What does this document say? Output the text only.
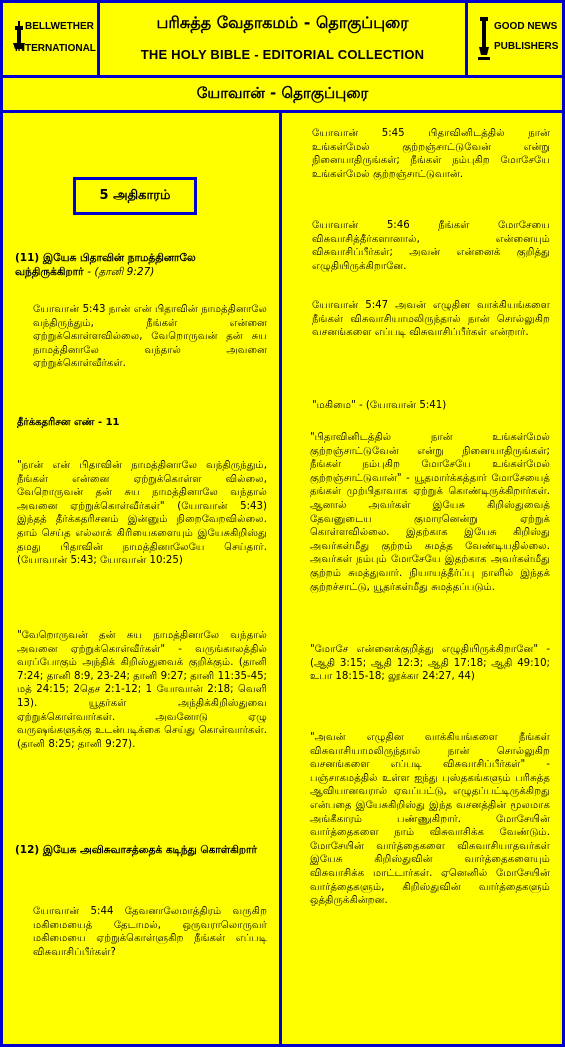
BELLWETHER
INTERNATIONAL
பரிசுத்த வேதாகமம் - தொகுப்புரை
THE HOLY BIBLE - EDITORIAL COLLECTION
GOOD NEWS
PUBLISHERS
யோவான் - தொகுப்புரை
5 அதிகாரம்
(11) இயேசு பிதாவின் நாமத்தினாலே வந்திருக்கிறார் - (தானி 9:27)
யோவான் 5:43 நான் என் பிதாவின் நாமத்தினாலே வந்திருந்தும், நீங்கள் என்னை ஏற்றுக்கொள்ளவில்லை, வேறொருவன் தன் சுய நாமத்தினாலே வந்தால் அவனை ஏற்றுக்கொள்வீர்கள்.
தீர்க்கதரிசன எண் - 11
"நான் என் பிதாவின் நாமத்தினாலே வந்திருந்தும், நீங்கள் என்னை ஏற்றுக்கொள்ள வில்லை, வேறொருவன் தன் சுய நாமத்தினாலே வந்தால் அவனை ஏற்றுக்கொள்வீர்கள்" (யோவான் 5:43) இந்தத் தீர்க்கதரிசனம் இன்னும் நிறைவேறவில்லை. தாம் செய்த எல்லாக் கிரியைகளையும் இயேசுகிறிஸ்து தமது பிதாவின் நாமத்தினாலேயே செய்தார். (யோவான் 5:43; யோவான் 10:25)
"வேறொருவன் தன் சுய நாமத்தினாலே வந்தால் அவனை ஏற்றுக்கொள்வீர்கள்" - வருங்காலத்தில் வரப்போகும் அந்திக் கிறிஸ்துவைக் குறிக்கும். (தானி 7:24; தானி 8:9, 23-24; தானி 9:27; தானி 11:35-45; மத் 24:15; 2தெச 2:1-12; 1 யோவான் 2:18; வெளி 13). யூதர்கள் அந்திக்கிறிஸ்துவை ஏற்றுக்கொள்வார்கள். அவனோடு ஏழு வருஷங்களுக்கு உடன்படிக்கை செய்து கொள்வார்கள். (தானி 8:25; தானி 9:27).
(12) இயேசு அவிசுவாசத்தைக் கடிந்து கொள்கிறார்
யோவான் 5:44 தேவனாலேமாத்திரம் வருகிற மகிமையைத் தேடாமல், ஒருவராலொருவர் மகிமையை ஏற்றுக்கொள்ளுகிற நீங்கள் எப்படி விசுவாசிப்பீர்கள்?
யோவான் 5:45 பிதாவினிடத்தில் நான் உங்கள்மேல் குற்றஞ்சாட்டுவேன் என்று நினையாதிருங்கள்; நீங்கள் நம்புகிற மோசேயே உங்கள்மேல் குற்றஞ்சாட்டுவான்.
யோவான் 5:46 நீங்கள் மோசேயை விசுவாசித்தீர்களானால், என்னையும் விசுவாசிப்பீர்கள்; அவன் என்னைக் குறித்து எழுதியிருக்கிறானே.
யோவான் 5:47 அவன் எழுதின வாக்கியங்களை நீங்கள் விசுவாசியாமலிருந்தால் நான் சொல்லுகிற வசனங்களை எப்படி விசுவாசிப்பீர்கள் என்றார்.
"மகிமை" - (யோவான் 5:41)
"பிதாவினிடத்தில் நான் உங்கள்மேல் குற்றஞ்சாட்டுவேன் என்று நினையாதிருங்கள்; நீங்கள் நம்புகிற மோசேயே உங்கள்மேல் குற்றஞ்சாட்டுவான்" - யூதமார்க்கத்தார் மோசேயைத் தங்கள் முற்பிதாவாக ஏற்றுக் கொண்டிருக்கிறார்கள். ஆனால் அவர்கள் இயேசு கிறிஸ்துவைத் தேவனுடைய குமாரனென்று ஏற்றுக் கொள்ளவில்லை. இதற்காக இயேசு கிறிஸ்து அவர்கள்மீது குற்றம் சுமத்த வேண்டியதில்லை. அவர்கள் நம்பும் மோசேயே இதற்காக அவர்கள்மீது குற்றம் சுமத்துவார். நியாயத்தீர்ப்பு நாளில் இந்தக் குற்றச்சாட்டு, யூதர்கள்மீது சுமத்தப்படும்.
"மோசே என்னைக்குறித்து எழுதியிருக்கிறானே" - (ஆதி 3:15; ஆதி 12:3; ஆதி 17:18; ஆதி 49:10; உபா 18:15-18; லூக்கா 24:27, 44)
"அவன் எழுதின வாக்கியங்களை நீங்கள் விசுவாசியாமலிருந்தால் நான் சொல்லுகிற வசனங்களை எப்படி விசுவாசிப்பீர்கள்" - பஞ்சாகமத்தில் உள்ள ஐந்து புஸ்தகங்களும் பரிசுத்த ஆவியானவரால் ஏவப்பட்டு, எழுதப்பட்டிருக்கிறது என்பதை இயேசுகிறிஸ்து இந்த வசனத்தின் மூலமாக அங்கீகாரம் பண்ணுகிறார். மோசேயின் வார்த்தைகளை நாம் விசுவாசிக்க வேண்டும். மோசேயின் வார்த்தைகளை விசுவாசியாதவர்கள் இயேசு கிறிஸ்துவின் வார்த்தைகளையும் விசுவாசிக்க மாட்டார்கள். ஏனெனில் மோசேயின் வார்த்தைகளும், கிறிஸ்துவின் வார்த்தைகளும் ஒத்திருக்கின்றன.
